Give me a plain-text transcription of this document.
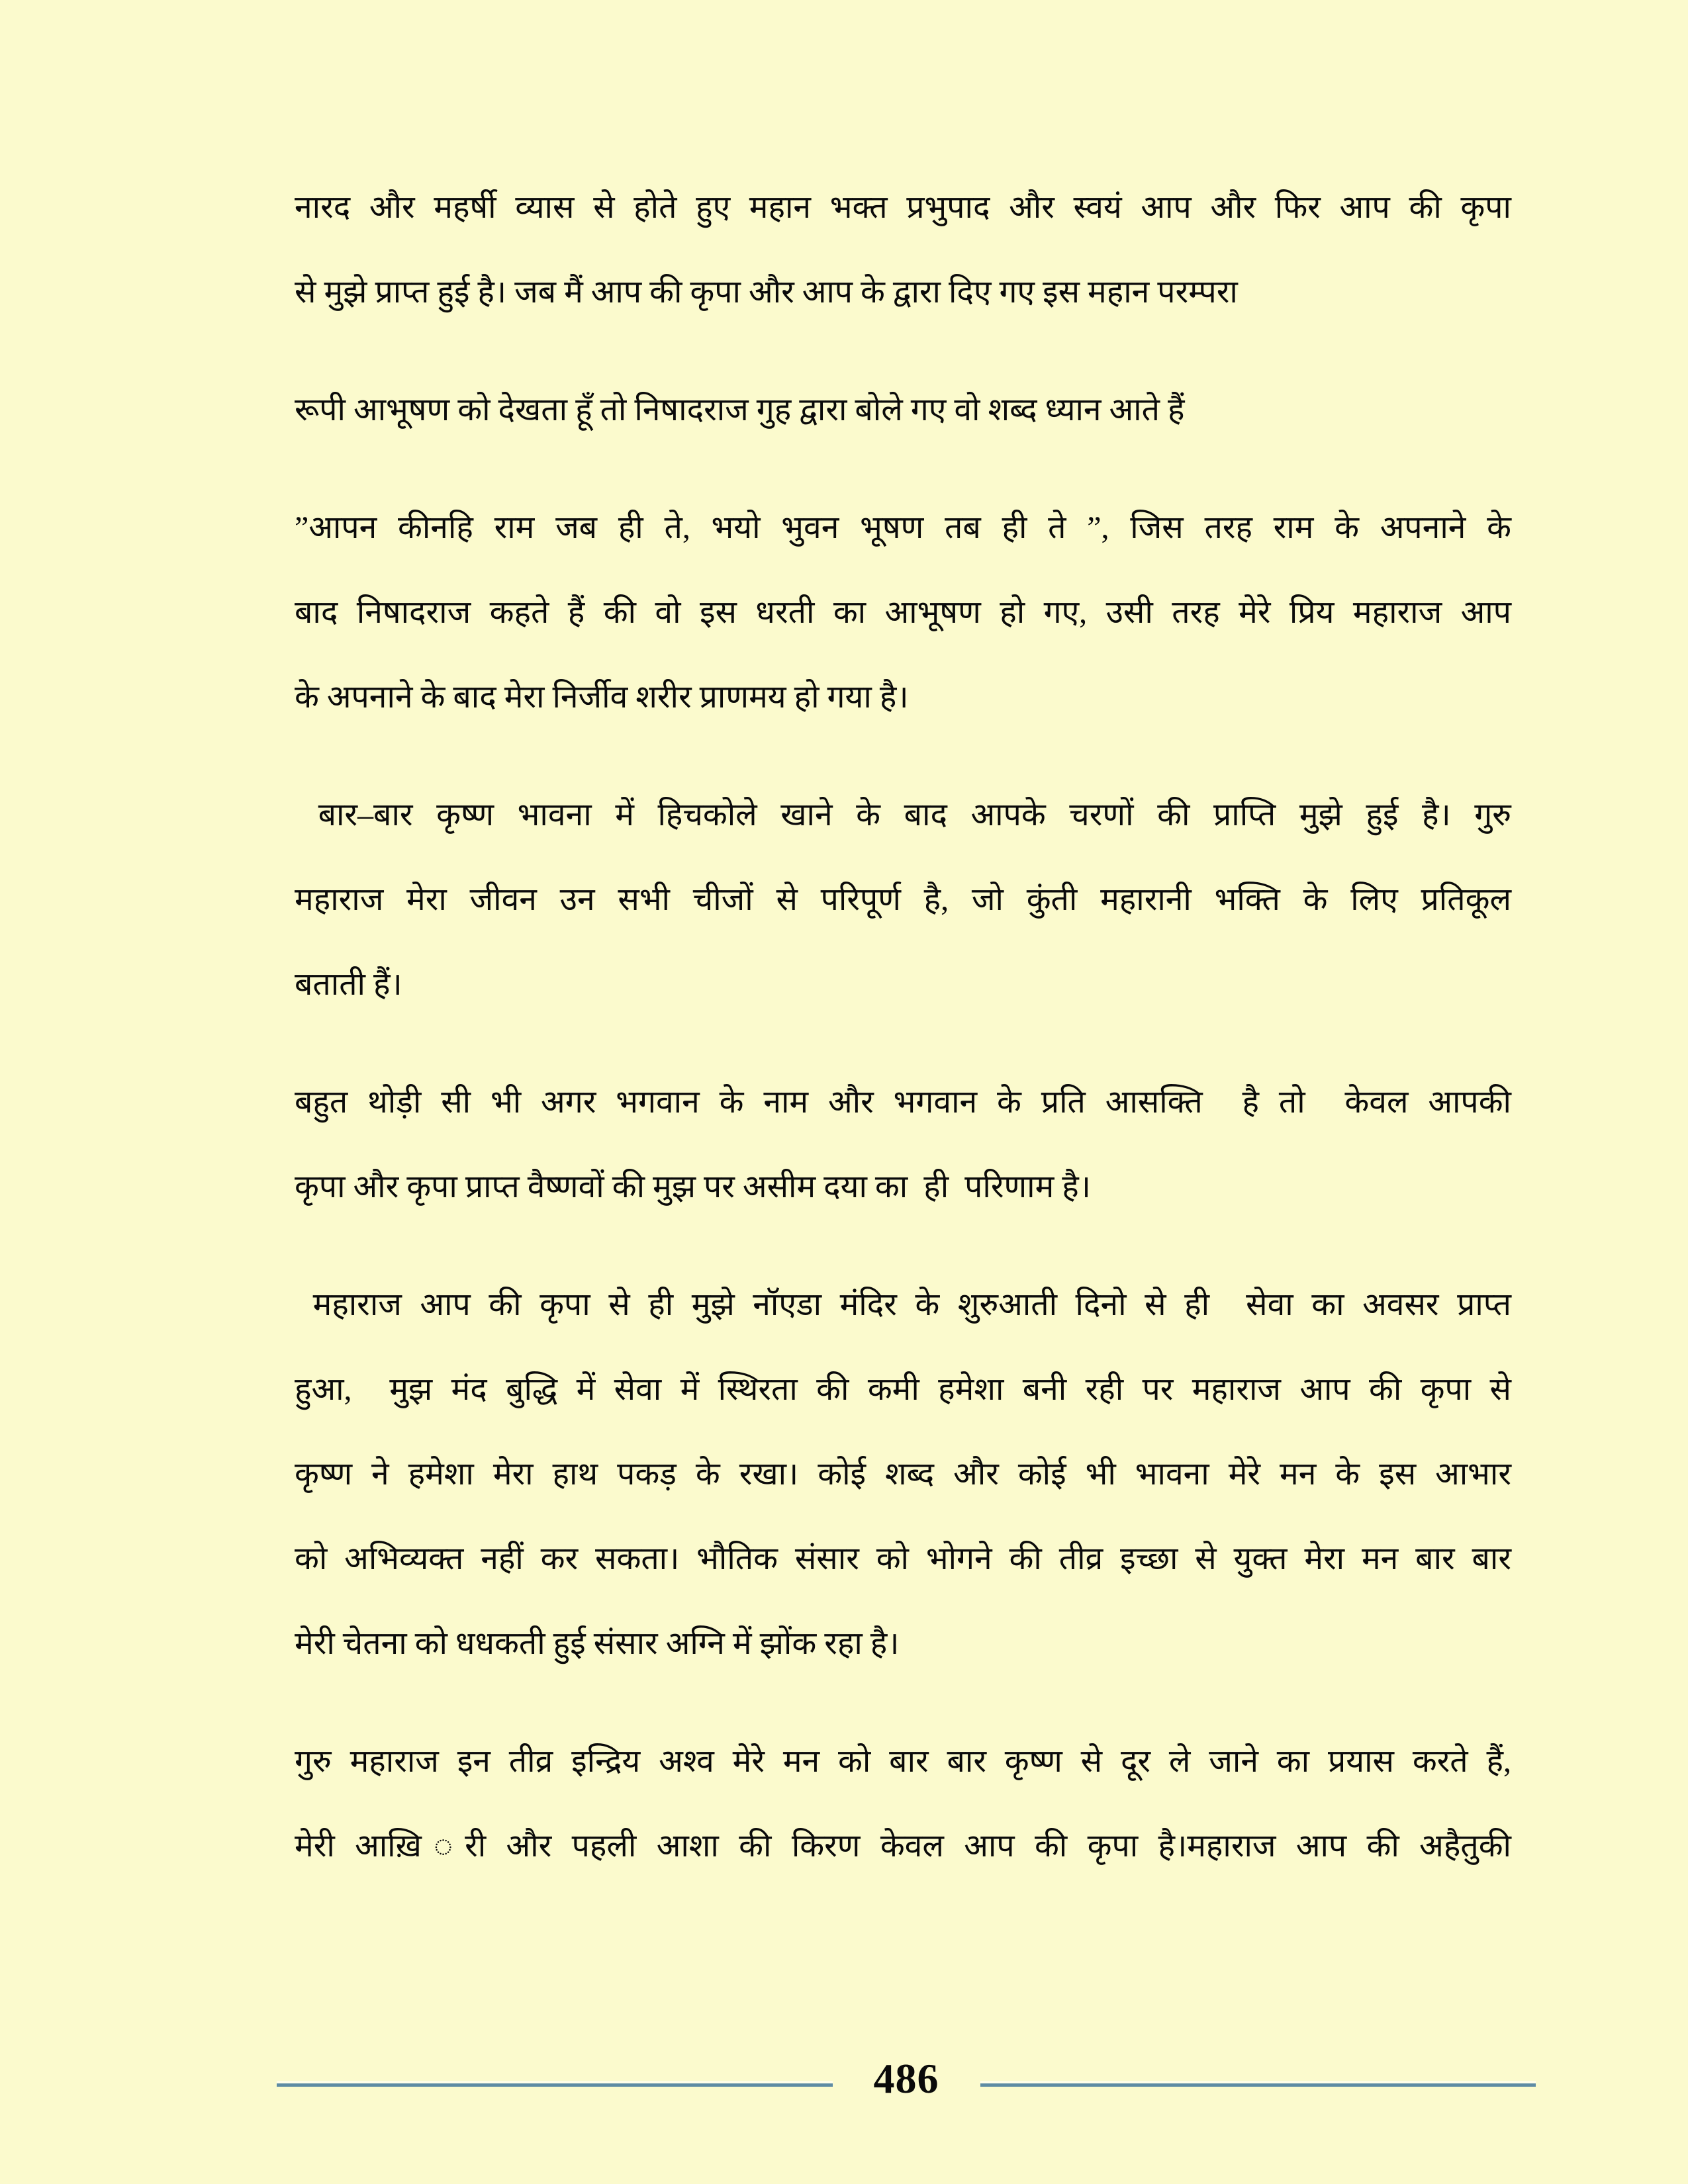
नारद और महर्षी व्यास से होते हुए महान भक्त प्रभुपाद और स्वयं आप और फिर आप की कृपा
से मुझे प्राप्त हुई है। जब मैं आप की कृपा और आप के द्वारा दिए गए इस महान परम्परा
रूपी आभूषण को देखता हूँ तो निषादराज गुह द्वारा बोले गए वो शब्द ध्यान आते हैं
”आपन कीनहि राम जब ही ते, भयो भुवन भूषण तब ही ते ”, जिस तरह राम के अपनाने के
बाद निषादराज कहते हैं की वो इस धरती का आभूषण हो गए, उसी तरह मेरे प्रिय महाराज आप
के अपनाने के बाद मेरा निर्जीव शरीर प्राणमय हो गया है।
बार–बार कृष्ण भावना में हिचकोले खाने के बाद आपके चरणों की प्राप्ति मुझे हुई है। गुरु
महाराज मेरा जीवन उन सभी चीजों से परिपूर्ण है, जो कुंती महारानी भक्ति के लिए प्रतिकूल
बताती हैं।
बहुत थोड़ी सी भी अगर भगवान के नाम और भगवान के प्रति आसक्ति  है तो  केवल आपकी
कृपा और कृपा प्राप्त वैष्णवों की मुझ पर असीम दया का  ही  परिणाम है।
महाराज आप की कृपा से ही मुझे नॉएडा मंदिर के शुरुआती दिनो से ही  सेवा का अवसर प्राप्त
हुआ,  मुझ मंद बुद्धि में सेवा में स्थिरता की कमी हमेशा बनी रही पर महाराज आप की कृपा से
कृष्ण ने हमेशा मेरा हाथ पकड़ के रखा। कोई शब्द और कोई भी भावना मेरे मन के इस आभार
को अभिव्यक्त नहीं कर सकता। भौतिक संसार को भोगने की तीव्र इच्छा से युक्त मेरा मन बार बार
मेरी चेतना को धधकती हुई संसार अग्नि में झोंक रहा है।
गुरु महाराज इन तीव्र इन्द्रिय अश्व मेरे मन को बार बार कृष्ण से दूर ले जाने का प्रयास करते हैं,
मेरी आख़ि◌री और पहली आशा की किरण केवल आप की कृपा है।महाराज आप की अहैतुकी
486
